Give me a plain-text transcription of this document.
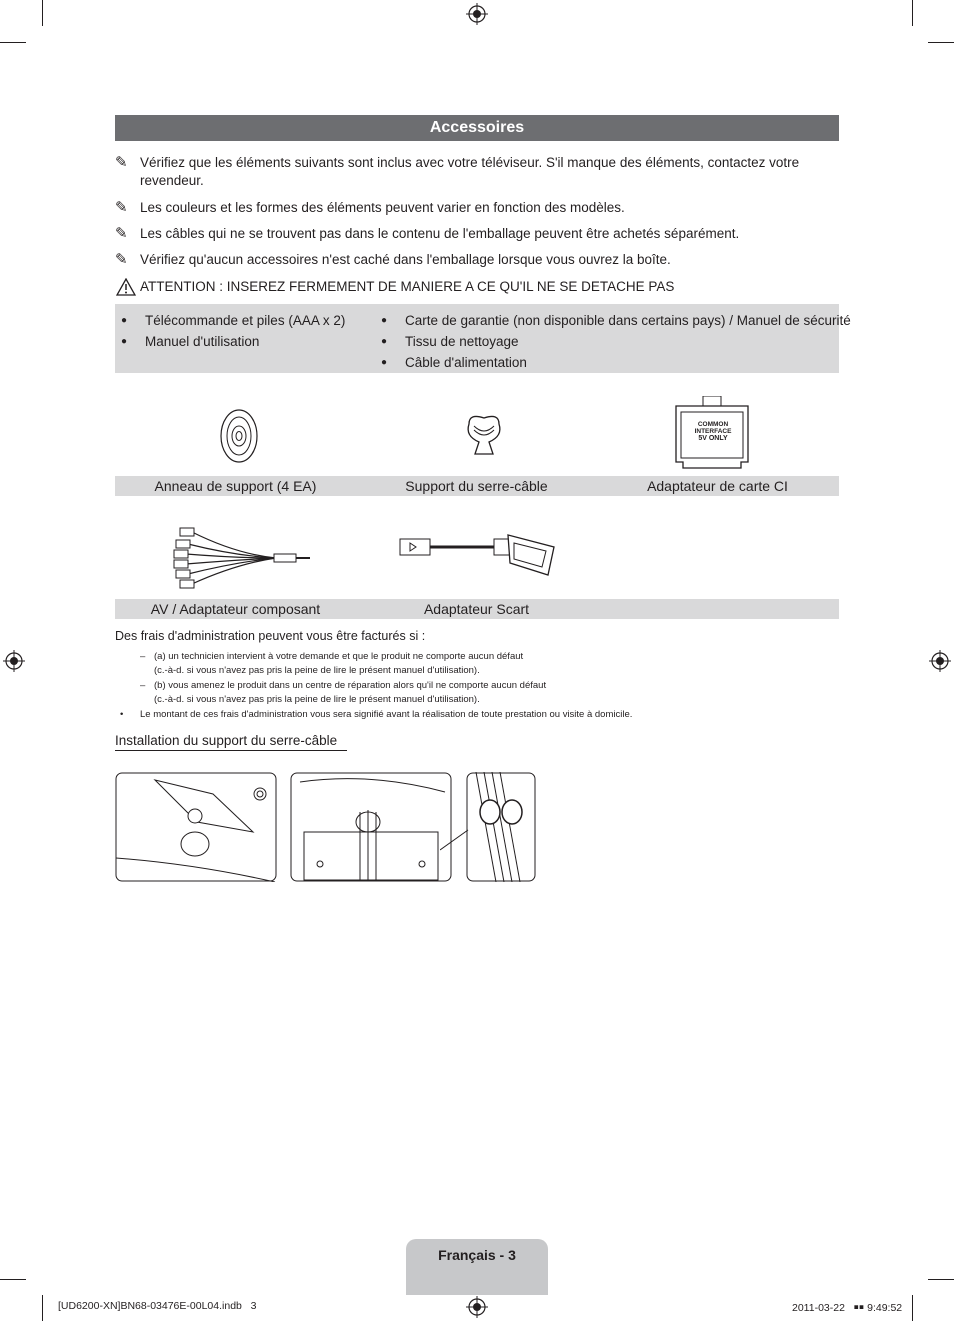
Accessoires
✎ Vérifiez que les éléments suivants sont inclus avec votre téléviseur. S'il manque des éléments, contactez votre revendeur.
✎ Les couleurs et les formes des éléments peuvent varier en fonction des modèles.
✎ Les câbles qui ne se trouvent pas dans le contenu de l'emballage peuvent être achetés séparément.
✎ Vérifiez qu'aucun accessoires n'est caché dans l'emballage lorsque vous ouvrez la boîte.
ATTENTION : INSEREZ FERMEMENT DE MANIERE A CE QU'IL NE SE DETACHE PAS
● Télécommande et piles (AAA x 2)
● Manuel d'utilisation
● Carte de garantie (non disponible dans certains pays) / Manuel de sécurité
● Tissu de nettoyage
● Câble d'alimentation
COMMON INTERFACE
5V ONLY
Anneau de support (4 EA)	Support du serre-câble	Adaptateur de carte CI
AV / Adaptateur composant	Adaptateur Scart
Des frais d'administration peuvent vous être facturés si :
– (a) un technicien intervient à votre demande et que le produit ne comporte aucun défaut
(c.-à-d. si vous n'avez pas pris la peine de lire le présent manuel d'utilisation).
– (b) vous amenez le produit dans un centre de réparation alors qu'il ne comporte aucun défaut
(c.-à-d. si vous n'avez pas pris la peine de lire le présent manuel d'utilisation).
•	Le montant de ces frais d'administration vous sera signifié avant la réalisation de toute prestation ou visite à domicile.
Installation du support du serre-câble
Français - 3
[UD6200-XN]BN68-03476E-00L04.indb   3	2011-03-22   ￭￭ 9:49:52
